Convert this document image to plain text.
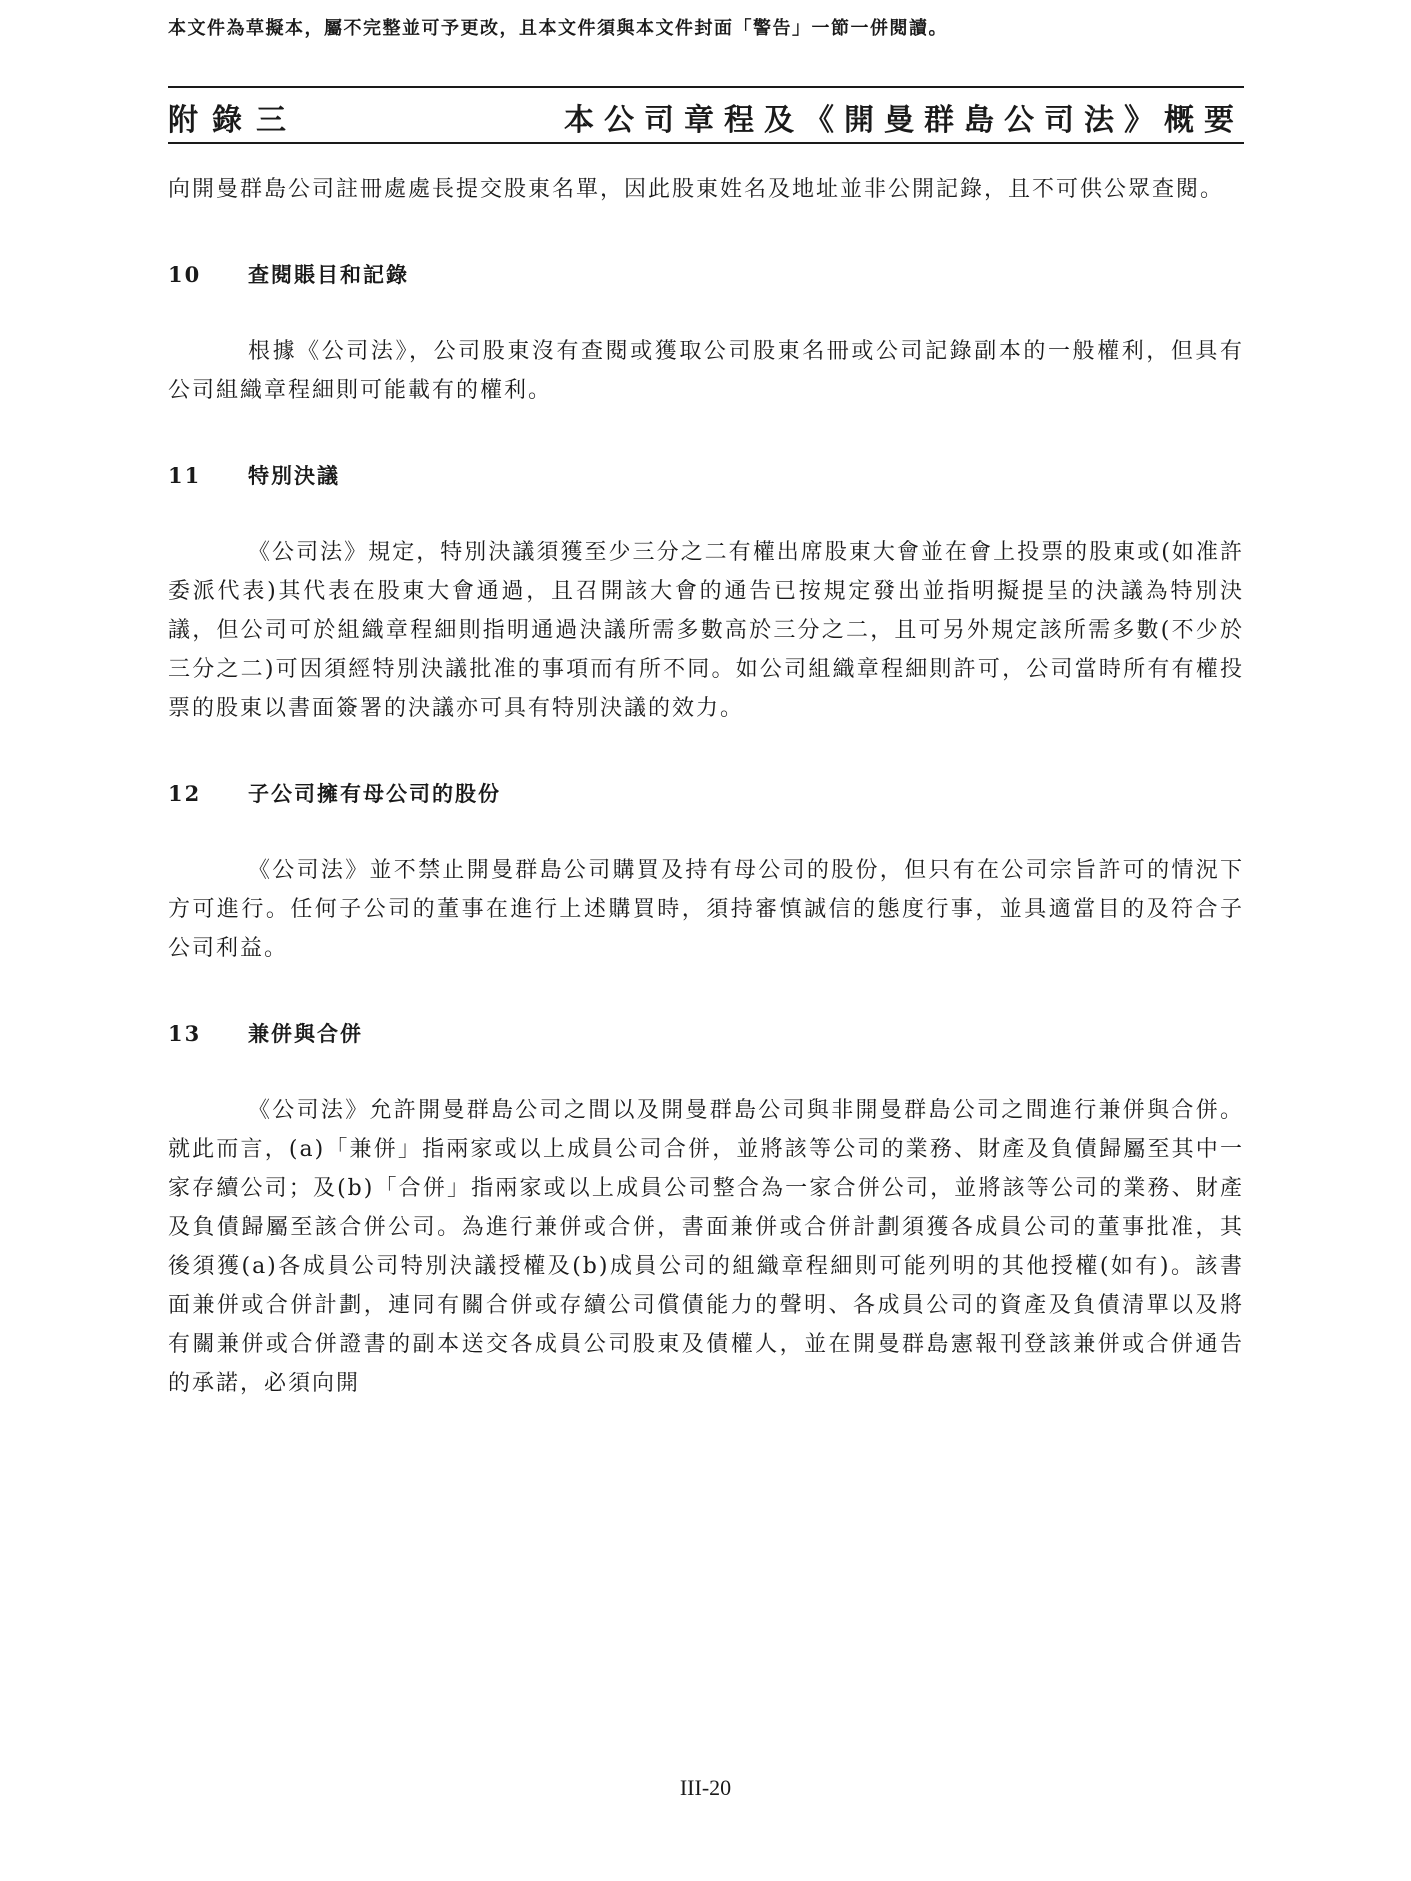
本文件為草擬本，屬不完整並可予更改，且本文件須與本文件封面「警告」一節一併閱讀。
附錄三	本公司章程及《開曼群島公司法》概要

向開曼群島公司註冊處處長提交股東名單，因此股東姓名及地址並非公開記錄，且不可供公眾查閱。

10	查閱賬目和記錄

根據《公司法》，公司股東沒有查閱或獲取公司股東名冊或公司記錄副本的一般權利，但具有公司組織章程細則可能載有的權利。

11	特別決議

《公司法》規定，特別決議須獲至少三分之二有權出席股東大會並在會上投票的股東或(如准許委派代表)其代表在股東大會通過，且召開該大會的通告已按規定發出並指明擬提呈的決議為特別決議，但公司可於組織章程細則指明通過決議所需多數高於三分之二，且可另外規定該所需多數(不少於三分之二)可因須經特別決議批准的事項而有所不同。如公司組織章程細則許可，公司當時所有有權投票的股東以書面簽署的決議亦可具有特別決議的效力。

12	子公司擁有母公司的股份

《公司法》並不禁止開曼群島公司購買及持有母公司的股份，但只有在公司宗旨許可的情況下方可進行。任何子公司的董事在進行上述購買時，須持審慎誠信的態度行事，並具適當目的及符合子公司利益。

13	兼併與合併

《公司法》允許開曼群島公司之間以及開曼群島公司與非開曼群島公司之間進行兼併與合併。就此而言，(a)「兼併」指兩家或以上成員公司合併，並將該等公司的業務、財產及負債歸屬至其中一家存續公司；及(b)「合併」指兩家或以上成員公司整合為一家合併公司，並將該等公司的業務、財產及負債歸屬至該合併公司。為進行兼併或合併，書面兼併或合併計劃須獲各成員公司的董事批准，其後須獲(a)各成員公司特別決議授權及(b)成員公司的組織章程細則可能列明的其他授權(如有)。該書面兼併或合併計劃，連同有關合併或存續公司償債能力的聲明、各成員公司的資產及負債清單以及將有關兼併或合併證書的副本送交各成員公司股東及債權人，並在開曼群島憲報刊登該兼併或合併通告的承諾，必須向開

III-20
